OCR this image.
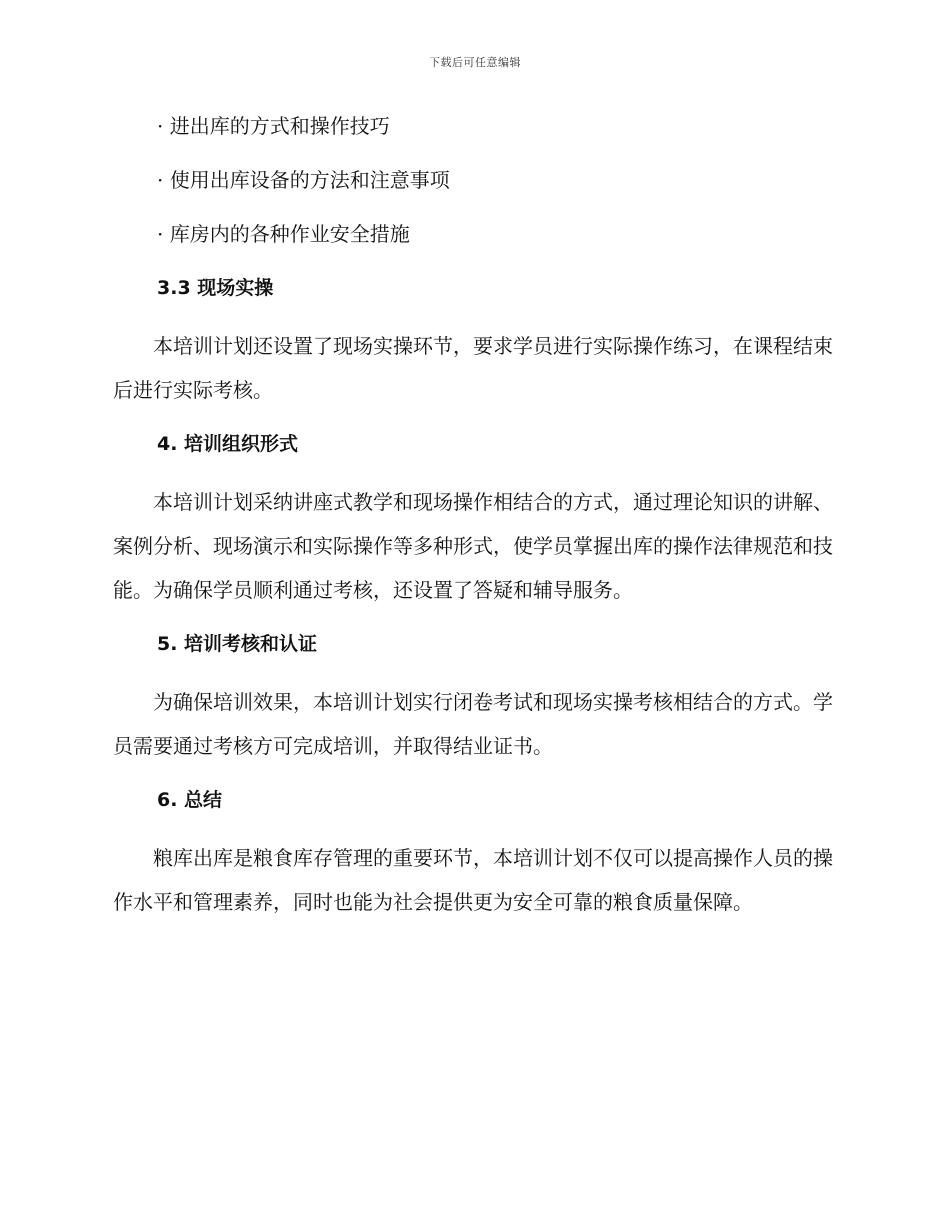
下载后可任意编辑

· 进出库的方式和操作技巧

· 使用出库设备的方法和注意事项

· 库房内的各种作业安全措施

3.3 现场实操

本培训计划还设置了现场实操环节，要求学员进行实际操作练习，在课程结束后进行实际考核。

4. 培训组织形式

本培训计划采纳讲座式教学和现场操作相结合的方式，通过理论知识的讲解、案例分析、现场演示和实际操作等多种形式，使学员掌握出库的操作法律规范和技能。为确保学员顺利通过考核，还设置了答疑和辅导服务。

5. 培训考核和认证

为确保培训效果，本培训计划实行闭卷考试和现场实操考核相结合的方式。学员需要通过考核方可完成培训，并取得结业证书。

6. 总结

粮库出库是粮食库存管理的重要环节，本培训计划不仅可以提高操作人员的操作水平和管理素养，同时也能为社会提供更为安全可靠的粮食质量保障。
